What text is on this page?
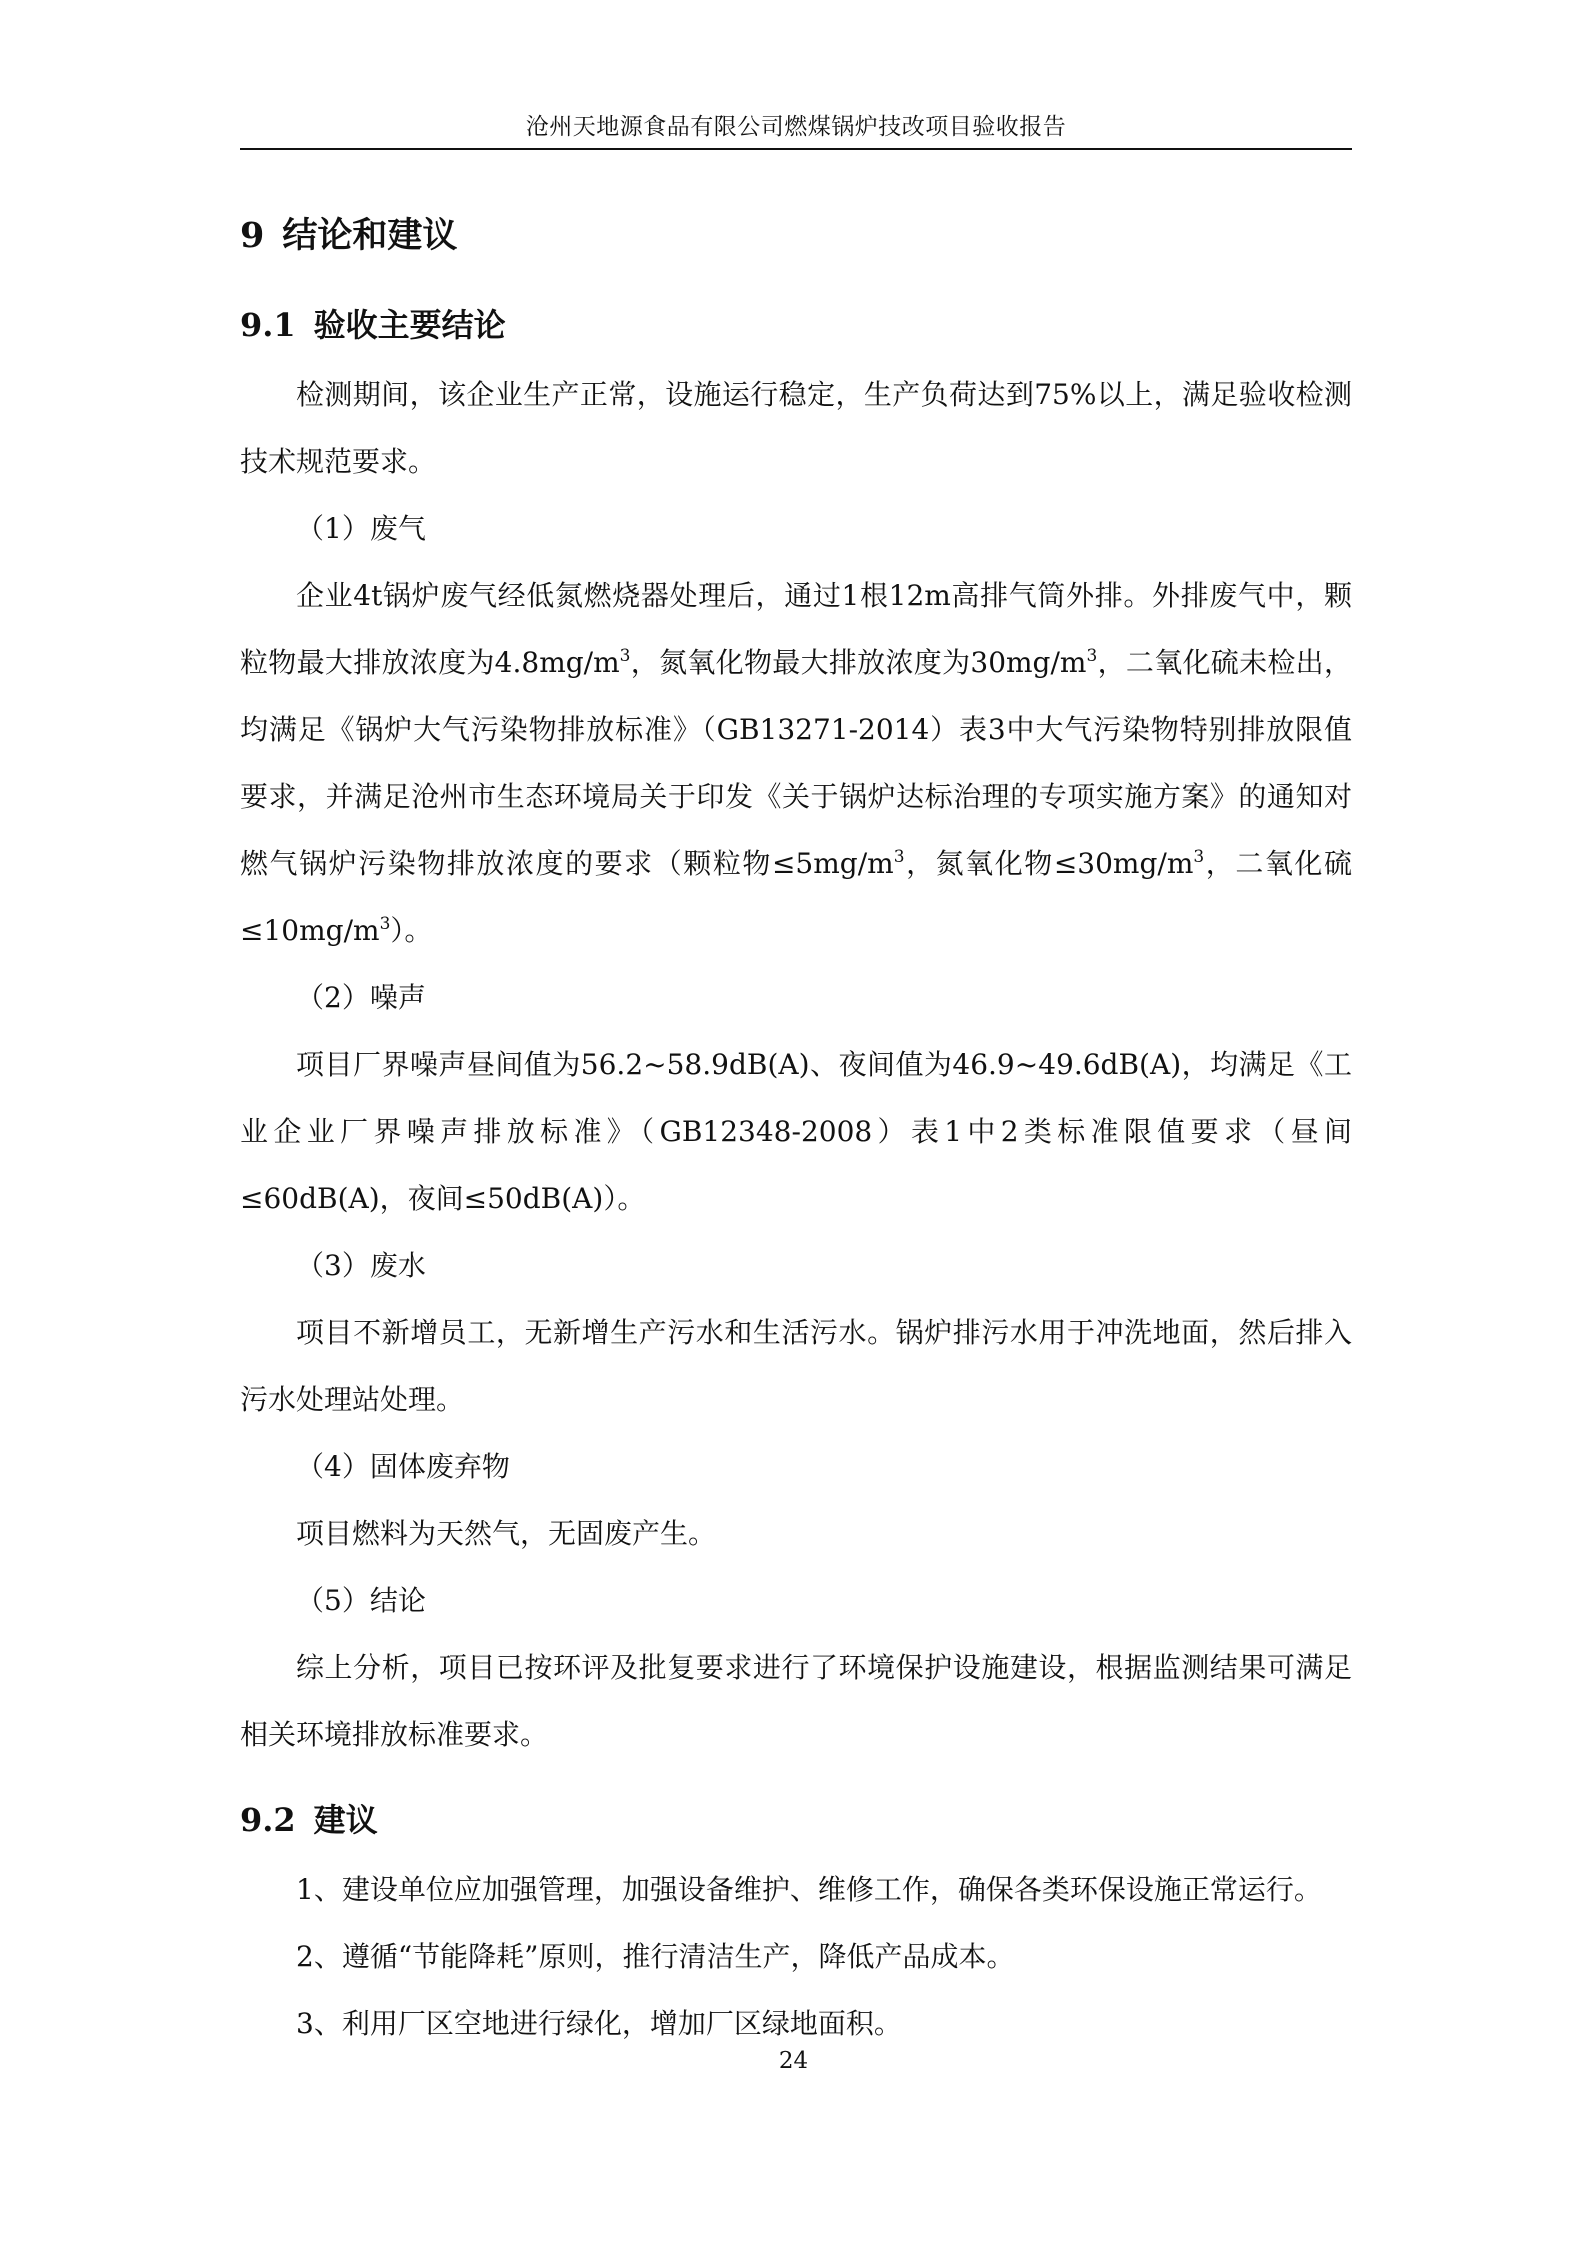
沧州天地源食品有限公司燃煤锅炉技改项目验收报告
9 结论和建议
9.1 验收主要结论

检测期间，该企业生产正常，设施运行稳定，生产负荷达到75%以上，满足验收检测技术规范要求。

（1）废气

企业4t锅炉废气经低氮燃烧器处理后，通过1根12m高排气筒外排。外排废气中，颗粒物最大排放浓度为$4.8mg/m^3$，氮氧化物最大排放浓度为$30mg/m^3$，二氧化硫未检出，均满足《锅炉大气污染物排放标准》（GB13271-2014）表3中大气污染物特别排放限值要求，并满足沧州市生态环境局关于印发《关于锅炉达标治理的专项实施方案》的通知对燃气锅炉污染物排放浓度的要求（颗粒物$\le 5mg/m^3$，氮氧化物$\le 30mg/m^3$，二氧化硫$\le 10mg/m^3$）。

（2）噪声

项目厂界噪声昼间值为56.2~58.9dB(A)、夜间值为46.9~49.6dB(A)，均满足《工业企业厂界噪声排放标准》（GB12348-2008）表1中2类标准限值要求（昼间≤60dB(A)，夜间≤50dB(A)）。

（3）废水

项目不新增员工，无新增生产污水和生活污水。锅炉排污水用于冲洗地面，然后排入污水处理站处理。

（4）固体废弃物

项目燃料为天然气，无固废产生。

（5）结论

综上分析，项目已按环评及批复要求进行了环境保护设施建设，根据监测结果可满足相关环境排放标准要求。

9.2 建议

1、建设单位应加强管理，加强设备维护、维修工作，确保各类环保设施正常运行。

2、遵循“节能降耗”原则，推行清洁生产，降低产品成本。

3、利用厂区空地进行绿化，增加厂区绿地面积。

24
